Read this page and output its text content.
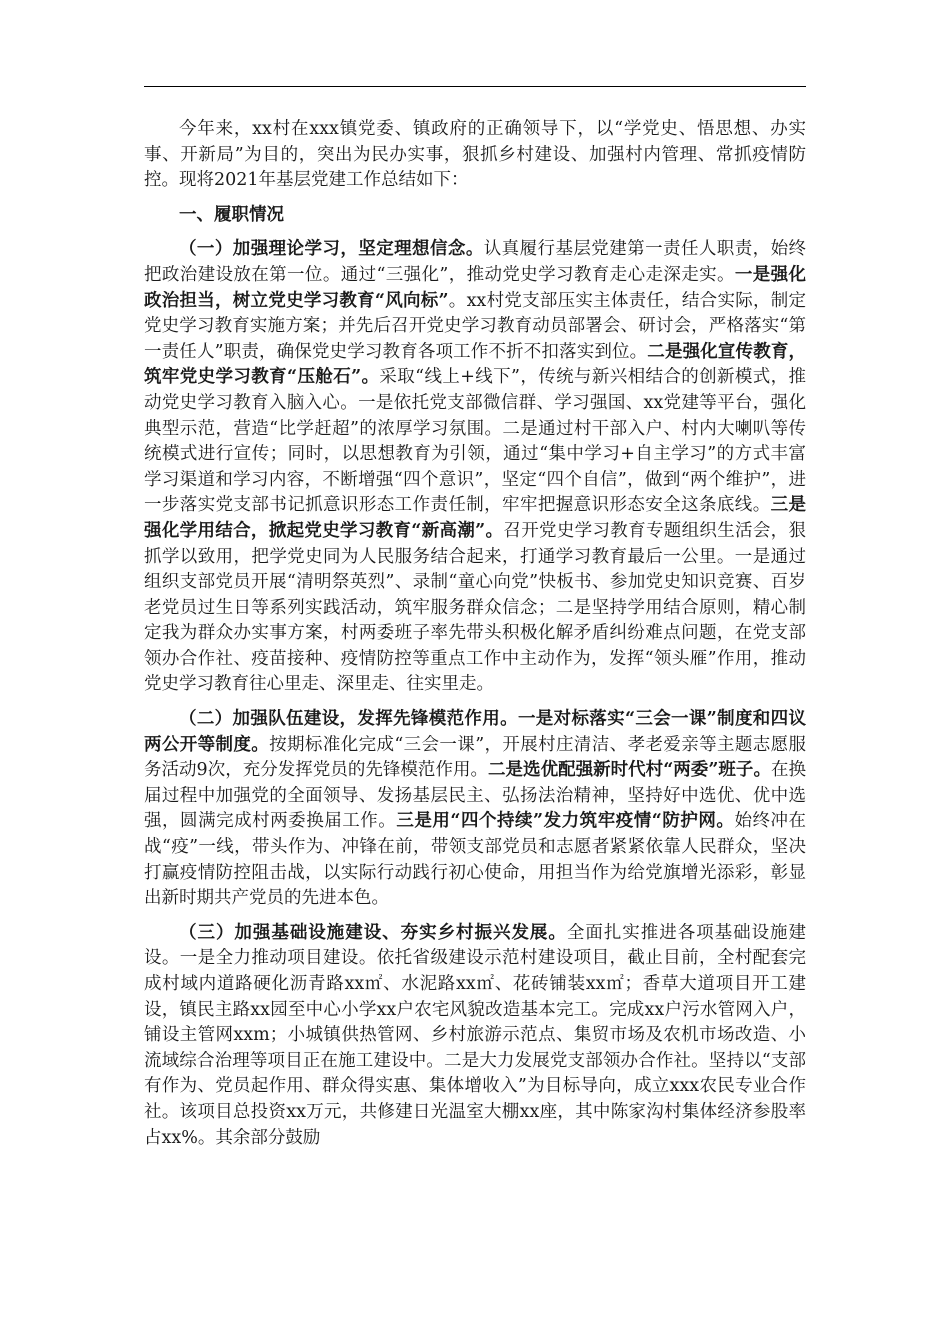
今年来，xx村在xxx镇党委、镇政府的正确领导下，以“学党史、悟思想、办实事、开新局”为目的，突出为民办实事，狠抓乡村建设、加强村内管理、常抓疫情防控。现将2021年基层党建工作总结如下：

一、履职情况

（一）加强理论学习，坚定理想信念。认真履行基层党建第一责任人职责，始终把政治建设放在第一位。通过“三强化”，推动党史学习教育走心走深走实。一是强化政治担当，树立党史学习教育“风向标”。xx村党支部压实主体责任，结合实际，制定党史学习教育实施方案；并先后召开党史学习教育动员部署会、研讨会，严格落实“第一责任人”职责，确保党史学习教育各项工作不折不扣落实到位。二是强化宣传教育，筑牢党史学习教育“压舱石”。采取“线上+线下”，传统与新兴相结合的创新模式，推动党史学习教育入脑入心。一是依托党支部微信群、学习强国、xx党建等平台，强化典型示范，营造“比学赶超”的浓厚学习氛围。二是通过村干部入户、村内大喇叭等传统模式进行宣传；同时，以思想教育为引领，通过“集中学习+自主学习”的方式丰富学习渠道和学习内容，不断增强“四个意识”，坚定“四个自信”，做到“两个维护”，进一步落实党支部书记抓意识形态工作责任制，牢牢把握意识形态安全这条底线。三是强化学用结合，掀起党史学习教育“新高潮”。召开党史学习教育专题组织生活会，狠抓学以致用，把学党史同为人民服务结合起来，打通学习教育最后一公里。一是通过组织支部党员开展“清明祭英烈”、录制“童心向党”快板书、参加党史知识竞赛、百岁老党员过生日等系列实践活动，筑牢服务群众信念；二是坚持学用结合原则，精心制定我为群众办实事方案，村两委班子率先带头积极化解矛盾纠纷难点问题，在党支部领办合作社、疫苗接种、疫情防控等重点工作中主动作为，发挥“领头雁”作用，推动党史学习教育往心里走、深里走、往实里走。

（二）加强队伍建设，发挥先锋模范作用。一是对标落实“三会一课”制度和四议两公开等制度。按期标准化完成“三会一课”，开展村庄清洁、孝老爱亲等主题志愿服务活动9次，充分发挥党员的先锋模范作用。二是选优配强新时代村“两委”班子。在换届过程中加强党的全面领导、发扬基层民主、弘扬法治精神，坚持好中选优、优中选强，圆满完成村两委换届工作。三是用“四个持续”发力筑牢疫情“防护网。始终冲在战“疫”一线，带头作为、冲锋在前，带领支部党员和志愿者紧紧依靠人民群众，坚决打赢疫情防控阻击战，以实际行动践行初心使命，用担当作为给党旗增光添彩，彰显出新时期共产党员的先进本色。

（三）加强基础设施建设、夯实乡村振兴发展。全面扎实推进各项基础设施建设。一是全力推动项目建设。依托省级建设示范村建设项目，截止目前，全村配套完成村域内道路硬化沥青路xx㎡、水泥路xx㎡、花砖铺装xx㎡；香草大道项目开工建设，镇民主路xx园至中心小学xx户农宅风貌改造基本完工。完成xx户污水管网入户，铺设主管网xxm；小城镇供热管网、乡村旅游示范点、集贸市场及农机市场改造、小流域综合治理等项目正在施工建设中。二是大力发展党支部领办合作社。坚持以“支部有作为、党员起作用、群众得实惠、集体增收入”为目标导向，成立xxx农民专业合作社。该项目总投资xx万元，共修建日光温室大棚xx座，其中陈家沟村集体经济参股率占xx%。其余部分鼓励
